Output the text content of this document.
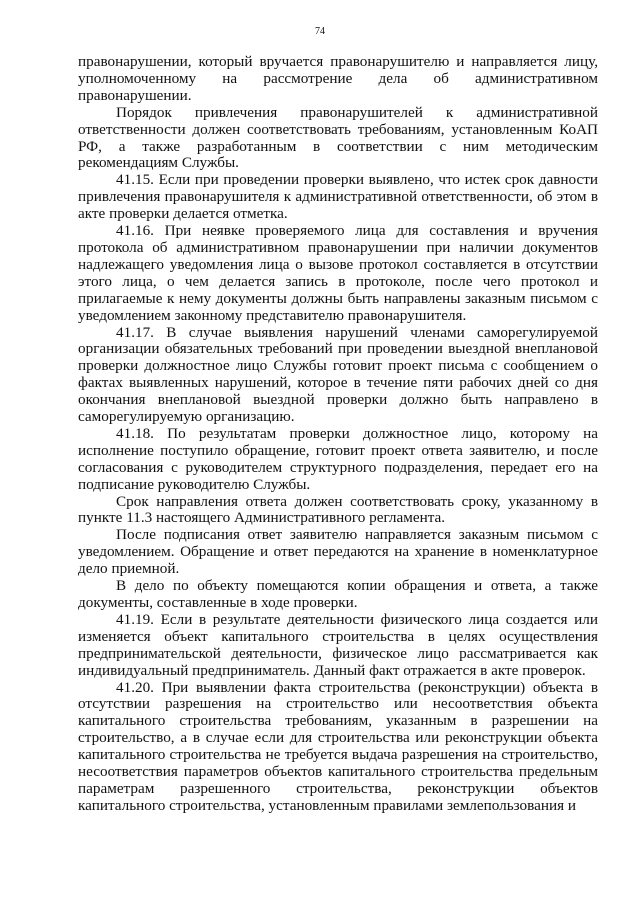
74

правонарушении, который вручается правонарушителю и направляется лицу, уполномоченному на рассмотрение дела об административном правонарушении.

Порядок привлечения правонарушителей к административной ответственности должен соответствовать требованиям, установленным КоАП РФ, а также разработанным в соответствии с ним методическим рекомендациям Службы.

41.15. Если при проведении проверки выявлено, что истек срок давности привлечения правонарушителя к административной ответственности, об этом в акте проверки делается отметка.

41.16. При неявке проверяемого лица для составления и вручения протокола об административном правонарушении при наличии документов надлежащего уведомления лица о вызове протокол составляется в отсутствии этого лица, о чем делается запись в протоколе, после чего протокол и прилагаемые к нему документы должны быть направлены заказным письмом с уведомлением законному представителю правонарушителя.

41.17. В случае выявления нарушений членами саморегулируемой организации обязательных требований при проведении выездной внеплановой проверки должностное лицо Службы готовит проект письма с сообщением о фактах выявленных нарушений, которое в течение пяти рабочих дней со дня окончания внеплановой выездной проверки должно быть направлено в саморегулируемую организацию.

41.18. По результатам проверки должностное лицо, которому на исполнение поступило обращение, готовит проект ответа заявителю, и после согласования с руководителем структурного подразделения, передает его на подписание руководителю Службы.

Срок направления ответа должен соответствовать сроку, указанному в пункте 11.3 настоящего Административного регламента.

После подписания ответ заявителю направляется заказным письмом с уведомлением. Обращение и ответ передаются на хранение в номенклатурное дело приемной.

В дело по объекту помещаются копии обращения и ответа, а также документы, составленные в ходе проверки.

41.19. Если в результате деятельности физического лица создается или изменяется объект капитального строительства в целях осуществления предпринимательской деятельности, физическое лицо рассматривается как индивидуальный предприниматель. Данный факт отражается в акте проверок.

41.20. При выявлении факта строительства (реконструкции) объекта в отсутствии разрешения на строительство или несоответствия объекта капитального строительства требованиям, указанным в разрешении на строительство, а в случае если для строительства или реконструкции объекта капитального строительства не требуется выдача разрешения на строительство, несоответствия параметров объектов капитального строительства предельным параметрам разрешенного строительства, реконструкции объектов капитального строительства, установленным правилами землепользования и
